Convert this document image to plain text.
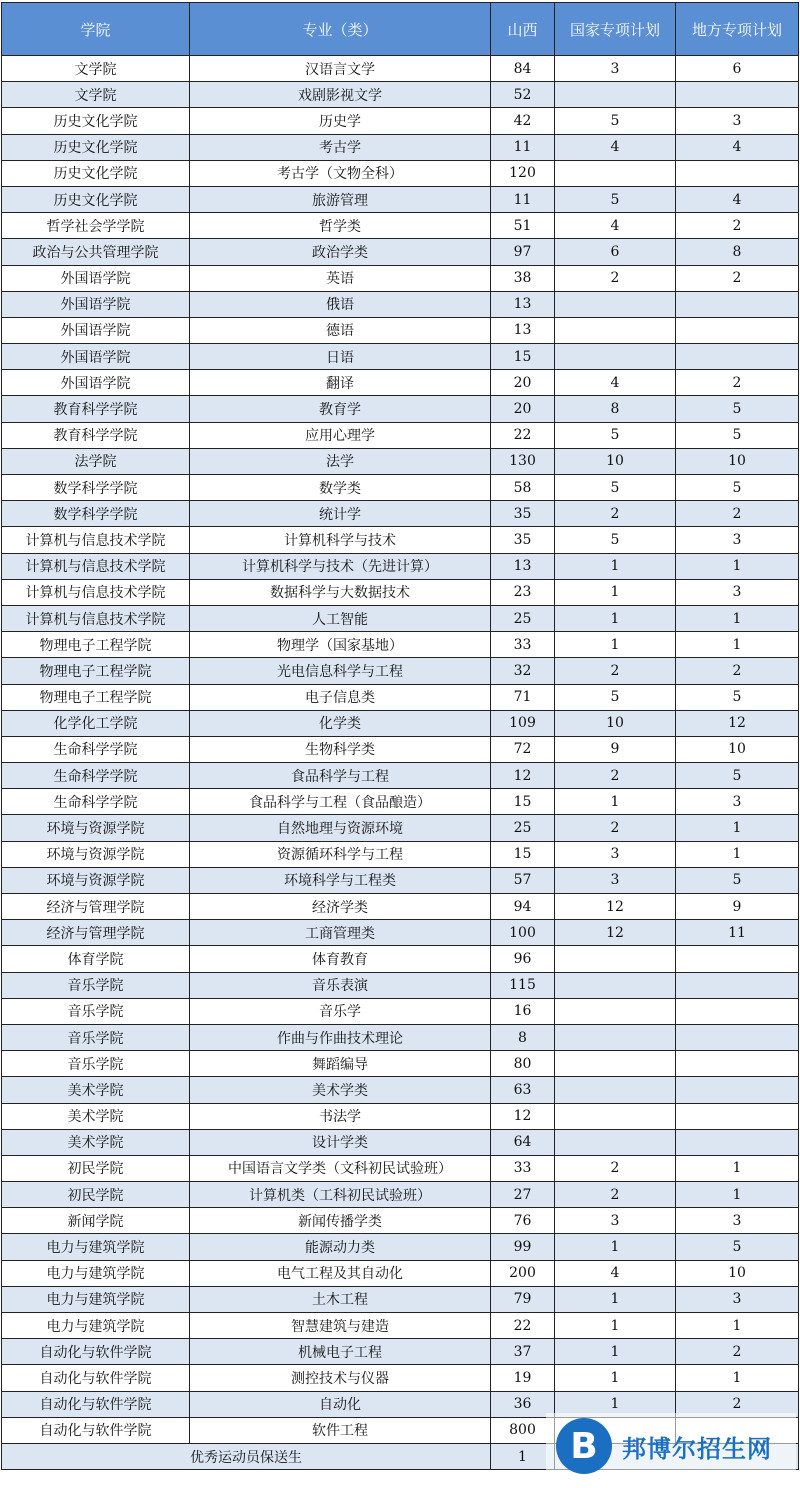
学院	专业（类）	山西	国家专项计划	地方专项计划
文学院	汉语言文学	84	3	6
文学院	戏剧影视文学	52		
历史文化学院	历史学	42	5	3
历史文化学院	考古学	11	4	4
历史文化学院	考古学（文物全科）	120		
历史文化学院	旅游管理	11	5	4
哲学社会学学院	哲学类	51	4	2
政治与公共管理学院	政治学类	97	6	8
外国语学院	英语	38	2	2
外国语学院	俄语	13		
外国语学院	德语	13		
外国语学院	日语	15		
外国语学院	翻译	20	4	2
教育科学学院	教育学	20	8	5
教育科学学院	应用心理学	22	5	5
法学院	法学	130	10	10
数学科学学院	数学类	58	5	5
数学科学学院	统计学	35	2	2
计算机与信息技术学院	计算机科学与技术	35	5	3
计算机与信息技术学院	计算机科学与技术（先进计算）	13	1	1
计算机与信息技术学院	数据科学与大数据技术	23	1	3
计算机与信息技术学院	人工智能	25	1	1
物理电子工程学院	物理学（国家基地）	33	1	1
物理电子工程学院	光电信息科学与工程	32	2	2
物理电子工程学院	电子信息类	71	5	5
化学化工学院	化学类	109	10	12
生命科学学院	生物科学类	72	9	10
生命科学学院	食品科学与工程	12	2	5
生命科学学院	食品科学与工程（食品酿造）	15	1	3
环境与资源学院	自然地理与资源环境	25	2	1
环境与资源学院	资源循环科学与工程	15	3	1
环境与资源学院	环境科学与工程类	57	3	5
经济与管理学院	经济学类	94	12	9
经济与管理学院	工商管理类	100	12	11
体育学院	体育教育	96		
音乐学院	音乐表演	115		
音乐学院	音乐学	16		
音乐学院	作曲与作曲技术理论	8		
音乐学院	舞蹈编导	80		
美术学院	美术学类	63		
美术学院	书法学	12		
美术学院	设计学类	64		
初民学院	中国语言文学类（文科初民试验班）	33	2	1
初民学院	计算机类（工科初民试验班）	27	2	1
新闻学院	新闻传播学类	76	3	3
电力与建筑学院	能源动力类	99	1	5
电力与建筑学院	电气工程及其自动化	200	4	10
电力与建筑学院	土木工程	79	1	3
电力与建筑学院	智慧建筑与建造	22	1	1
自动化与软件学院	机械电子工程	37	1	2
自动化与软件学院	测控技术与仪器	19	1	1
自动化与软件学院	自动化	36	1	2
自动化与软件学院	软件工程	800		
优秀运动员保送生		1		B 邦博尔招生网
